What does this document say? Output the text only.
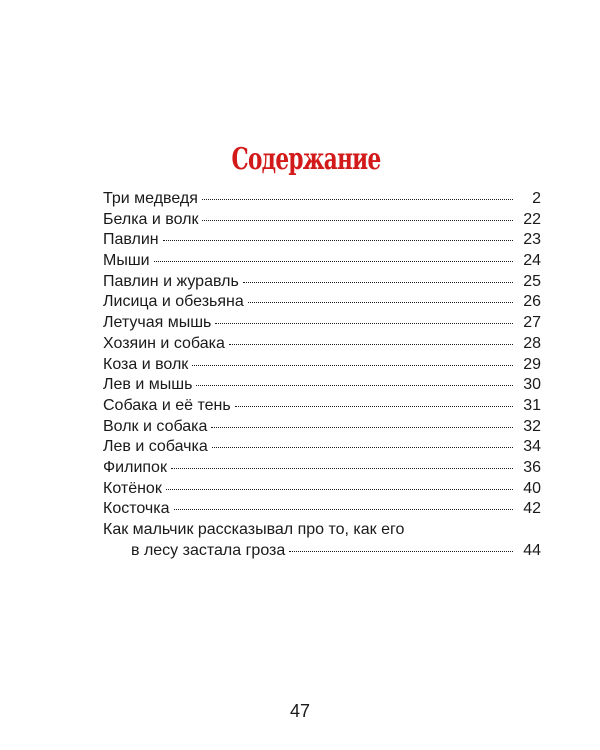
Содержание
Три медведя	2
Белка и волк	22
Павлин	23
Мыши	24
Павлин и журавль	25
Лисица и обезьяна	26
Летучая мышь	27
Хозяин и собака	28
Коза и волк	29
Лев и мышь	30
Собака и её тень	31
Волк и собака	32
Лев и собачка	34
Филипок	36
Котёнок	40
Косточка	42
Как мальчик рассказывал про то, как его
в лесу застала гроза	44
47
